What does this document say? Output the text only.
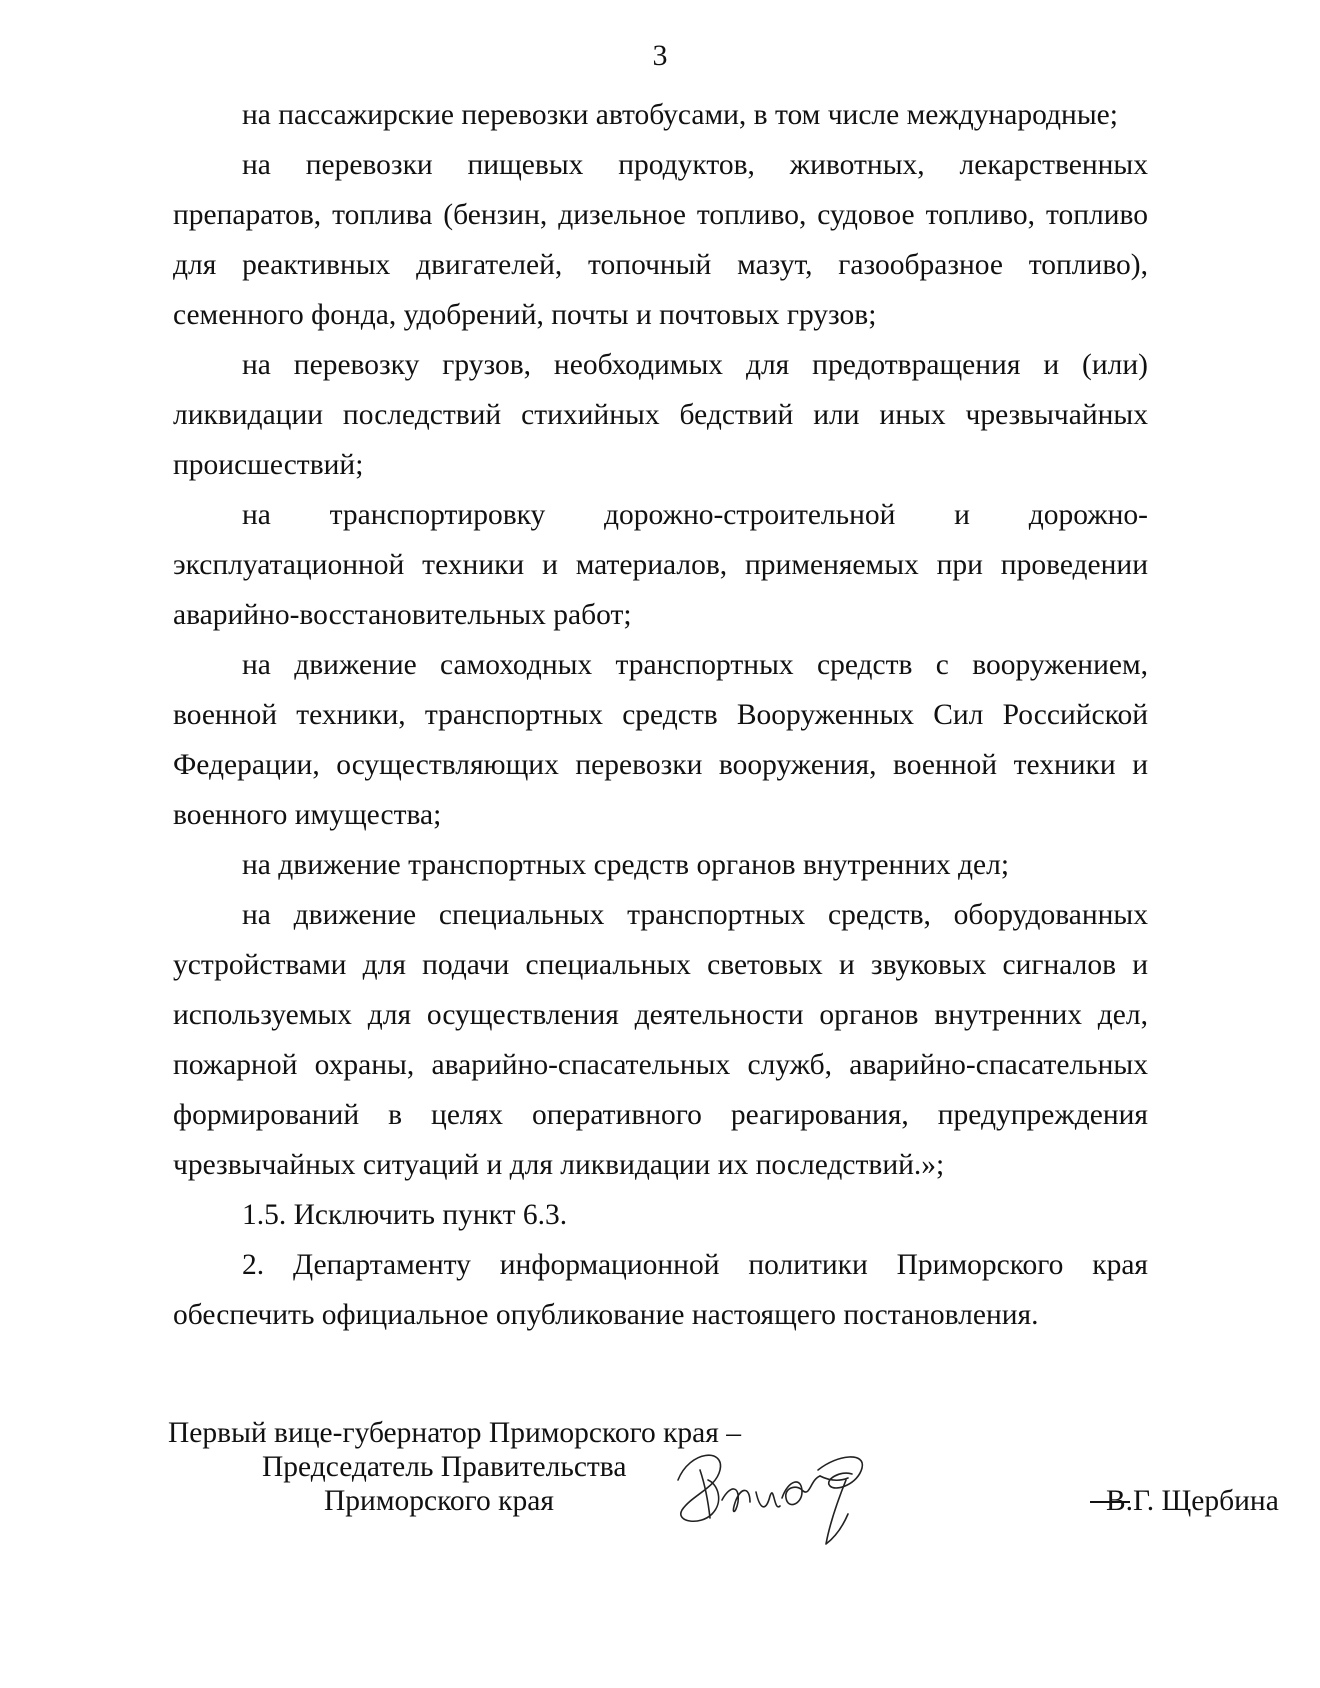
3

на пассажирские перевозки автобусами, в том числе международные;

на перевозки пищевых продуктов, животных, лекарственных препаратов, топлива (бензин, дизельное топливо, судовое топливо, топливо для реактивных двигателей, топочный мазут, газообразное топливо), семенного фонда, удобрений, почты и почтовых грузов;

на перевозку грузов, необходимых для предотвращения и (или) ликвидации последствий стихийных бедствий или иных чрезвычайных происшествий;

на транспортировку дорожно-строительной и дорожно-эксплуатационной техники и материалов, применяемых при проведении аварийно-восстановительных работ;

на движение самоходных транспортных средств с вооружением, военной техники, транспортных средств Вооруженных Сил Российской Федерации, осуществляющих перевозки вооружения, военной техники и военного имущества;

на движение транспортных средств органов внутренних дел;

на движение специальных транспортных средств, оборудованных устройствами для подачи специальных световых и звуковых сигналов и используемых для осуществления деятельности органов внутренних дел, пожарной охраны, аварийно-спасательных служб, аварийно-спасательных формирований в целях оперативного реагирования, предупреждения чрезвычайных ситуаций и для ликвидации их последствий.»;

1.5. Исключить пункт 6.3.

2. Департаменту информационной политики Приморского края обеспечить официальное опубликование настоящего постановления.

Первый вице-губернатор Приморского края –
Председатель Правительства
Приморского края	В.Г. Щербина
